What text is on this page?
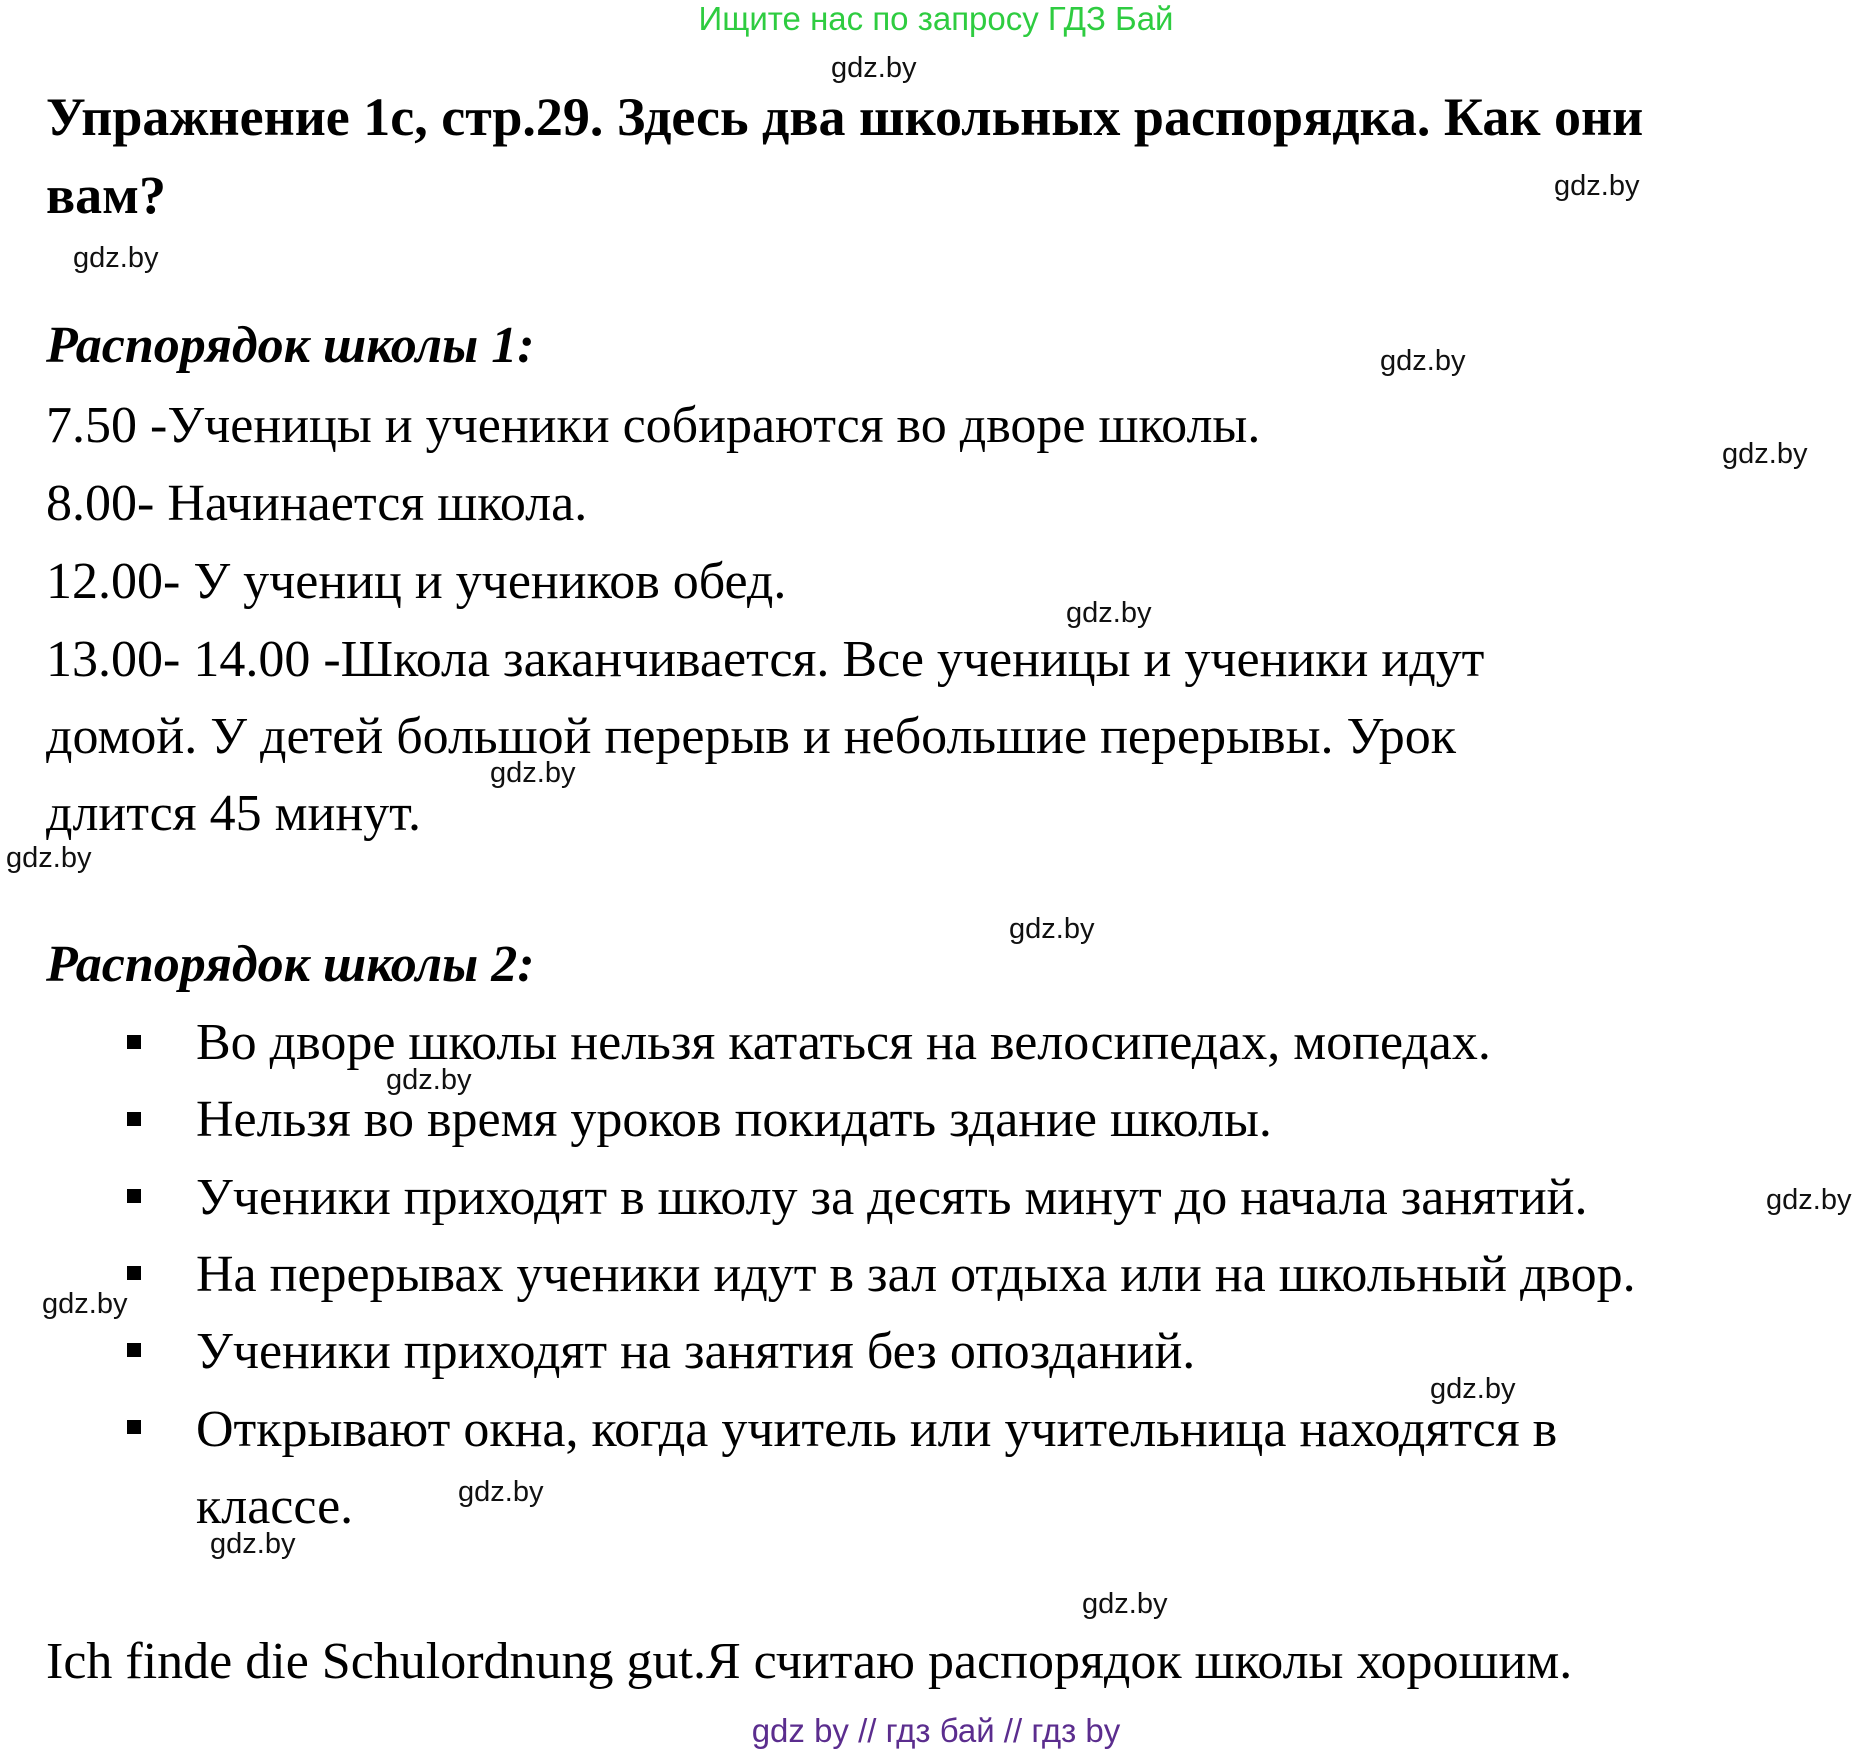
Ищите нас по запросу ГДЗ Бай
Упражнение 1с, стр.29. Здесь два школьных распорядка. Как они
вам?
Распорядок школы 1:
7.50 -Ученицы и ученики собираются во дворе школы.
8.00- Начинается школа.
12.00- У учениц и учеников обед.
13.00- 14.00 -Школа заканчивается. Все ученицы и ученики идут
домой. У детей большой перерыв и небольшие перерывы. Урок
длится 45 минут.
Распорядок школы 2:
Во дворе школы нельзя кататься на велосипедах, мопедах.
Нельзя во время уроков покидать здание школы.
Ученики приходят в школу за десять минут до начала занятий.
На перерывах ученики идут в зал отдыха или на школьный двор.
Ученики приходят на занятия без опозданий.
Открывают окна, когда учитель или учительница находятся в
классе.
Ich finde die Schulordnung gut.Я считаю распорядок школы хорошим.
gdz by // гдз бай // гдз by
gdz.by
gdz.by
gdz.by
gdz.by
gdz.by
gdz.by
gdz.by
gdz.by
gdz.by
gdz.by
gdz.by
gdz.by
gdz.by
gdz.by
gdz.by
gdz.by
